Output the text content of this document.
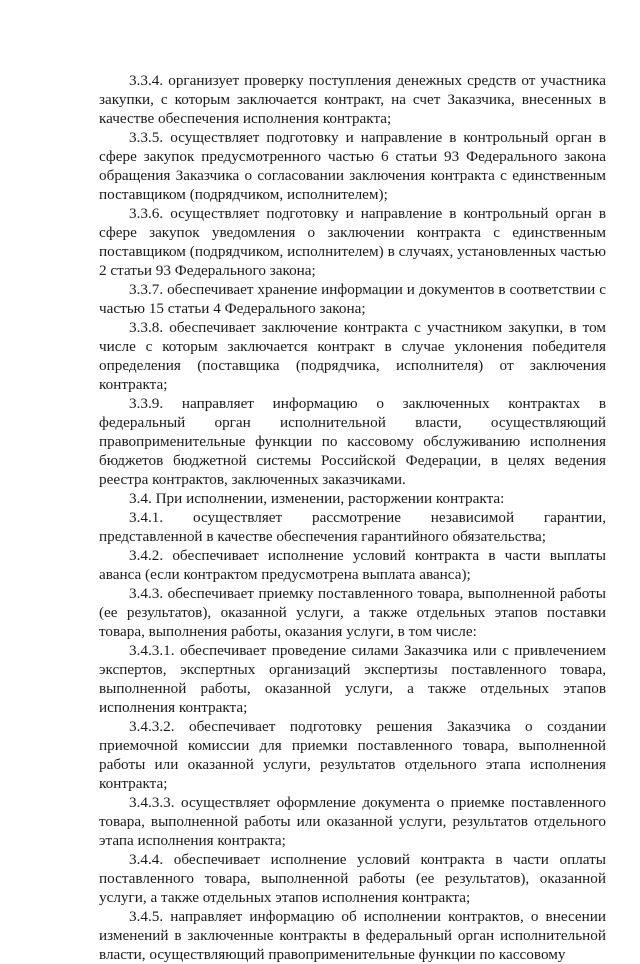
3.3.4. организует проверку поступления денежных средств от участника закупки, с которым заключается контракт, на счет Заказчика, внесенных в качестве обеспечения исполнения контракта;

3.3.5. осуществляет подготовку и направление в контрольный орган в сфере закупок предусмотренного частью 6 статьи 93 Федерального закона обращения Заказчика о согласовании заключения контракта с единственным поставщиком (подрядчиком, исполнителем);

3.3.6. осуществляет подготовку и направление в контрольный орган в сфере закупок уведомления о заключении контракта с единственным поставщиком (подрядчиком, исполнителем) в случаях, установленных частью 2 статьи 93 Федерального закона;

3.3.7. обеспечивает хранение информации и документов в соответствии с частью 15 статьи 4 Федерального закона;

3.3.8. обеспечивает заключение контракта с участником закупки, в том числе с которым заключается контракт в случае уклонения победителя определения (поставщика (подрядчика, исполнителя) от заключения контракта;

3.3.9. направляет информацию о заключенных контрактах в федеральный орган исполнительной власти, осуществляющий правоприменительные функции по кассовому обслуживанию исполнения бюджетов бюджетной системы Российской Федерации, в целях ведения реестра контрактов, заключенных заказчиками.

3.4. При исполнении, изменении, расторжении контракта:

3.4.1. осуществляет рассмотрение независимой гарантии, представленной в качестве обеспечения гарантийного обязательства;

3.4.2. обеспечивает исполнение условий контракта в части выплаты аванса (если контрактом предусмотрена выплата аванса);

3.4.3. обеспечивает приемку поставленного товара, выполненной работы (ее результатов), оказанной услуги, а также отдельных этапов поставки товара, выполнения работы, оказания услуги, в том числе:

3.4.3.1. обеспечивает проведение силами Заказчика или с привлечением экспертов, экспертных организаций экспертизы поставленного товара, выполненной работы, оказанной услуги, а также отдельных этапов исполнения контракта;

3.4.3.2. обеспечивает подготовку решения Заказчика о создании приемочной комиссии для приемки поставленного товара, выполненной работы или оказанной услуги, результатов отдельного этапа исполнения контракта;

3.4.3.3. осуществляет оформление документа о приемке поставленного товара, выполненной работы или оказанной услуги, результатов отдельного этапа исполнения контракта;

3.4.4. обеспечивает исполнение условий контракта в части оплаты поставленного товара, выполненной работы (ее результатов), оказанной услуги, а также отдельных этапов исполнения контракта;

3.4.5. направляет информацию об исполнении контрактов, о внесении изменений в заключенные контракты в федеральный орган исполнительной власти, осуществляющий правоприменительные функции по кассовому
